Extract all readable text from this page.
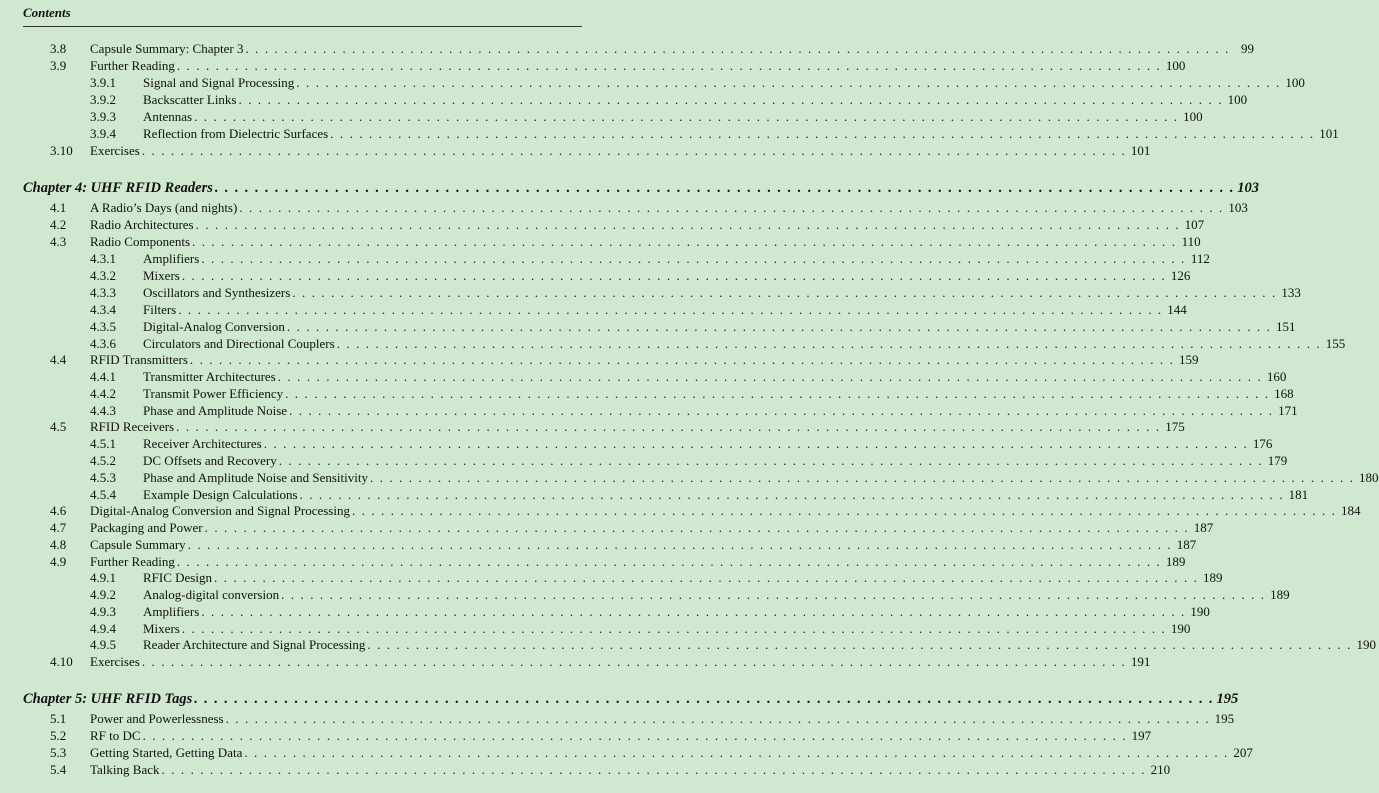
Contents
3.8 Capsule Summary: Chapter 3 . . . . . . . . . . . . . . . . . . . . . . . . . . . . . . . . . . . . . . . . . . . . . . . . . . . . . . . . . . . . . . . . . . . . . . . . . . . . . . . . . . . . . . . . . . . . . . . . . . . . . . 99
3.9 Further Reading . . . . . . . . . . . . . . . . . . . . . . . . . . . . . . . . . . . . . . . . . . . . . . . . . . . . . . . . . . . . . . . . . . . . . . . . . . . . . . . . . . . . . . . . . . . . . . . . . . . . . . 100
3.9.1 Signal and Signal Processing . . . . . . . . . . . . . . . . . . . . . . . . . . . . . . . . . . . . . . . . . . . . . . . . . . . . . . . . . . . . . . . . . . . . . . . . . . . . . . . . . . . . . . . . . . . . . . . . . . . . . . 100
3.9.2 Backscatter Links . . . . . . . . . . . . . . . . . . . . . . . . . . . . . . . . . . . . . . . . . . . . . . . . . . . . . . . . . . . . . . . . . . . . . . . . . . . . . . . . . . . . . . . . . . . . . . . . . . . . . . 100
3.9.3 Antennas . . . . . . . . . . . . . . . . . . . . . . . . . . . . . . . . . . . . . . . . . . . . . . . . . . . . . . . . . . . . . . . . . . . . . . . . . . . . . . . . . . . . . . . . . . . . . . . . . . . . . . 100
3.9.4 Reflection from Dielectric Surfaces . . . . . . . . . . . . . . . . . . . . . . . . . . . . . . . . . . . . . . . . . . . . . . . . . . . . . . . . . . . . . . . . . . . . . . . . . . . . . . . . . . . . . . . . . . . . . . . . . . . . . . 101
3.10 Exercises . . . . . . . . . . . . . . . . . . . . . . . . . . . . . . . . . . . . . . . . . . . . . . . . . . . . . . . . . . . . . . . . . . . . . . . . . . . . . . . . . . . . . . . . . . . . . . . . . . . . . . 101
Chapter 4: UHF RFID Readers . . . . . . . . . . . . . . . . . . . . . . . . . . . . . . . . . . . . . . . . . . . . . . . . . . . . . . . . . . . . . . . . . . . . . . . . . . . . . . . . . . . . . . . . . . . . . . . . . . . . . . 103
4.1 A Radio’s Days (and nights) . . . . . . . . . . . . . . . . . . . . . . . . . . . . . . . . . . . . . . . . . . . . . . . . . . . . . . . . . . . . . . . . . . . . . . . . . . . . . . . . . . . . . . . . . . . . . . . . . . . . . . 103
4.2 Radio Architectures . . . . . . . . . . . . . . . . . . . . . . . . . . . . . . . . . . . . . . . . . . . . . . . . . . . . . . . . . . . . . . . . . . . . . . . . . . . . . . . . . . . . . . . . . . . . . . . . . . . . . . 107
4.3 Radio Components . . . . . . . . . . . . . . . . . . . . . . . . . . . . . . . . . . . . . . . . . . . . . . . . . . . . . . . . . . . . . . . . . . . . . . . . . . . . . . . . . . . . . . . . . . . . . . . . . . . . . . 110
4.3.1 Amplifiers . . . . . . . . . . . . . . . . . . . . . . . . . . . . . . . . . . . . . . . . . . . . . . . . . . . . . . . . . . . . . . . . . . . . . . . . . . . . . . . . . . . . . . . . . . . . . . . . . . . . . . 112
4.3.2 Mixers . . . . . . . . . . . . . . . . . . . . . . . . . . . . . . . . . . . . . . . . . . . . . . . . . . . . . . . . . . . . . . . . . . . . . . . . . . . . . . . . . . . . . . . . . . . . . . . . . . . . . . 126
4.3.3 Oscillators and Synthesizers . . . . . . . . . . . . . . . . . . . . . . . . . . . . . . . . . . . . . . . . . . . . . . . . . . . . . . . . . . . . . . . . . . . . . . . . . . . . . . . . . . . . . . . . . . . . . . . . . . . . . . 133
4.3.4 Filters . . . . . . . . . . . . . . . . . . . . . . . . . . . . . . . . . . . . . . . . . . . . . . . . . . . . . . . . . . . . . . . . . . . . . . . . . . . . . . . . . . . . . . . . . . . . . . . . . . . . . . 144
4.3.5 Digital-Analog Conversion . . . . . . . . . . . . . . . . . . . . . . . . . . . . . . . . . . . . . . . . . . . . . . . . . . . . . . . . . . . . . . . . . . . . . . . . . . . . . . . . . . . . . . . . . . . . . . . . . . . . . . 151
4.3.6 Circulators and Directional Couplers . . . . . . . . . . . . . . . . . . . . . . . . . . . . . . . . . . . . . . . . . . . . . . . . . . . . . . . . . . . . . . . . . . . . . . . . . . . . . . . . . . . . . . . . . . . . . . . . . . . . . . 155
4.4 RFID Transmitters . . . . . . . . . . . . . . . . . . . . . . . . . . . . . . . . . . . . . . . . . . . . . . . . . . . . . . . . . . . . . . . . . . . . . . . . . . . . . . . . . . . . . . . . . . . . . . . . . . . . . . 159
4.4.1 Transmitter Architectures . . . . . . . . . . . . . . . . . . . . . . . . . . . . . . . . . . . . . . . . . . . . . . . . . . . . . . . . . . . . . . . . . . . . . . . . . . . . . . . . . . . . . . . . . . . . . . . . . . . . . . 160
4.4.2 Transmit Power Efficiency . . . . . . . . . . . . . . . . . . . . . . . . . . . . . . . . . . . . . . . . . . . . . . . . . . . . . . . . . . . . . . . . . . . . . . . . . . . . . . . . . . . . . . . . . . . . . . . . . . . . . . 168
4.4.3 Phase and Amplitude Noise . . . . . . . . . . . . . . . . . . . . . . . . . . . . . . . . . . . . . . . . . . . . . . . . . . . . . . . . . . . . . . . . . . . . . . . . . . . . . . . . . . . . . . . . . . . . . . . . . . . . . . 171
4.5 RFID Receivers . . . . . . . . . . . . . . . . . . . . . . . . . . . . . . . . . . . . . . . . . . . . . . . . . . . . . . . . . . . . . . . . . . . . . . . . . . . . . . . . . . . . . . . . . . . . . . . . . . . . . . 175
4.5.1 Receiver Architectures . . . . . . . . . . . . . . . . . . . . . . . . . . . . . . . . . . . . . . . . . . . . . . . . . . . . . . . . . . . . . . . . . . . . . . . . . . . . . . . . . . . . . . . . . . . . . . . . . . . . . . 176
4.5.2 DC Offsets and Recovery . . . . . . . . . . . . . . . . . . . . . . . . . . . . . . . . . . . . . . . . . . . . . . . . . . . . . . . . . . . . . . . . . . . . . . . . . . . . . . . . . . . . . . . . . . . . . . . . . . . . . . 179
4.5.3 Phase and Amplitude Noise and Sensitivity . . . . . . . . . . . . . . . . . . . . . . . . . . . . . . . . . . . . . . . . . . . . . . . . . . . . . . . . . . . . . . . . . . . . . . . . . . . . . . . . . . . . . . . . . . . . . . . . . . . . . . 180
4.5.4 Example Design Calculations . . . . . . . . . . . . . . . . . . . . . . . . . . . . . . . . . . . . . . . . . . . . . . . . . . . . . . . . . . . . . . . . . . . . . . . . . . . . . . . . . . . . . . . . . . . . . . . . . . . . . . 181
4.6 Digital-Analog Conversion and Signal Processing . . . . . . . . . . . . . . . . . . . . . . . . . . . . . . . . . . . . . . . . . . . . . . . . . . . . . . . . . . . . . . . . . . . . . . . . . . . . . . . . . . . . . . . . . . . . . . . . . . . . . . 184
4.7 Packaging and Power . . . . . . . . . . . . . . . . . . . . . . . . . . . . . . . . . . . . . . . . . . . . . . . . . . . . . . . . . . . . . . . . . . . . . . . . . . . . . . . . . . . . . . . . . . . . . . . . . . . . . . 187
4.8 Capsule Summary . . . . . . . . . . . . . . . . . . . . . . . . . . . . . . . . . . . . . . . . . . . . . . . . . . . . . . . . . . . . . . . . . . . . . . . . . . . . . . . . . . . . . . . . . . . . . . . . . . . . . . 187
4.9 Further Reading . . . . . . . . . . . . . . . . . . . . . . . . . . . . . . . . . . . . . . . . . . . . . . . . . . . . . . . . . . . . . . . . . . . . . . . . . . . . . . . . . . . . . . . . . . . . . . . . . . . . . . 189
4.9.1 RFIC Design . . . . . . . . . . . . . . . . . . . . . . . . . . . . . . . . . . . . . . . . . . . . . . . . . . . . . . . . . . . . . . . . . . . . . . . . . . . . . . . . . . . . . . . . . . . . . . . . . . . . . . 189
4.9.2 Analog-digital conversion . . . . . . . . . . . . . . . . . . . . . . . . . . . . . . . . . . . . . . . . . . . . . . . . . . . . . . . . . . . . . . . . . . . . . . . . . . . . . . . . . . . . . . . . . . . . . . . . . . . . . . 189
4.9.3 Amplifiers . . . . . . . . . . . . . . . . . . . . . . . . . . . . . . . . . . . . . . . . . . . . . . . . . . . . . . . . . . . . . . . . . . . . . . . . . . . . . . . . . . . . . . . . . . . . . . . . . . . . . . 190
4.9.4 Mixers . . . . . . . . . . . . . . . . . . . . . . . . . . . . . . . . . . . . . . . . . . . . . . . . . . . . . . . . . . . . . . . . . . . . . . . . . . . . . . . . . . . . . . . . . . . . . . . . . . . . . . 190
4.9.5 Reader Architecture and Signal Processing . . . . . . . . . . . . . . . . . . . . . . . . . . . . . . . . . . . . . . . . . . . . . . . . . . . . . . . . . . . . . . . . . . . . . . . . . . . . . . . . . . . . . . . . . . . . . . . . . . . . . . 190
4.10 Exercises . . . . . . . . . . . . . . . . . . . . . . . . . . . . . . . . . . . . . . . . . . . . . . . . . . . . . . . . . . . . . . . . . . . . . . . . . . . . . . . . . . . . . . . . . . . . . . . . . . . . . . 191
Chapter 5: UHF RFID Tags . . . . . . . . . . . . . . . . . . . . . . . . . . . . . . . . . . . . . . . . . . . . . . . . . . . . . . . . . . . . . . . . . . . . . . . . . . . . . . . . . . . . . . . . . . . . . . . . . . . . . . 195
5.1 Power and Powerlessness . . . . . . . . . . . . . . . . . . . . . . . . . . . . . . . . . . . . . . . . . . . . . . . . . . . . . . . . . . . . . . . . . . . . . . . . . . . . . . . . . . . . . . . . . . . . . . . . . . . . . . 195
5.2 RF to DC . . . . . . . . . . . . . . . . . . . . . . . . . . . . . . . . . . . . . . . . . . . . . . . . . . . . . . . . . . . . . . . . . . . . . . . . . . . . . . . . . . . . . . . . . . . . . . . . . . . . . . 197
5.3 Getting Started, Getting Data . . . . . . . . . . . . . . . . . . . . . . . . . . . . . . . . . . . . . . . . . . . . . . . . . . . . . . . . . . . . . . . . . . . . . . . . . . . . . . . . . . . . . . . . . . . . . . . . . . . . . . 207
5.4 Talking Back . . . . . . . . . . . . . . . . . . . . . . . . . . . . . . . . . . . . . . . . . . . . . . . . . . . . . . . . . . . . . . . . . . . . . . . . . . . . . . . . . . . . . . . . . . . . . . . . . . . . . . 210
